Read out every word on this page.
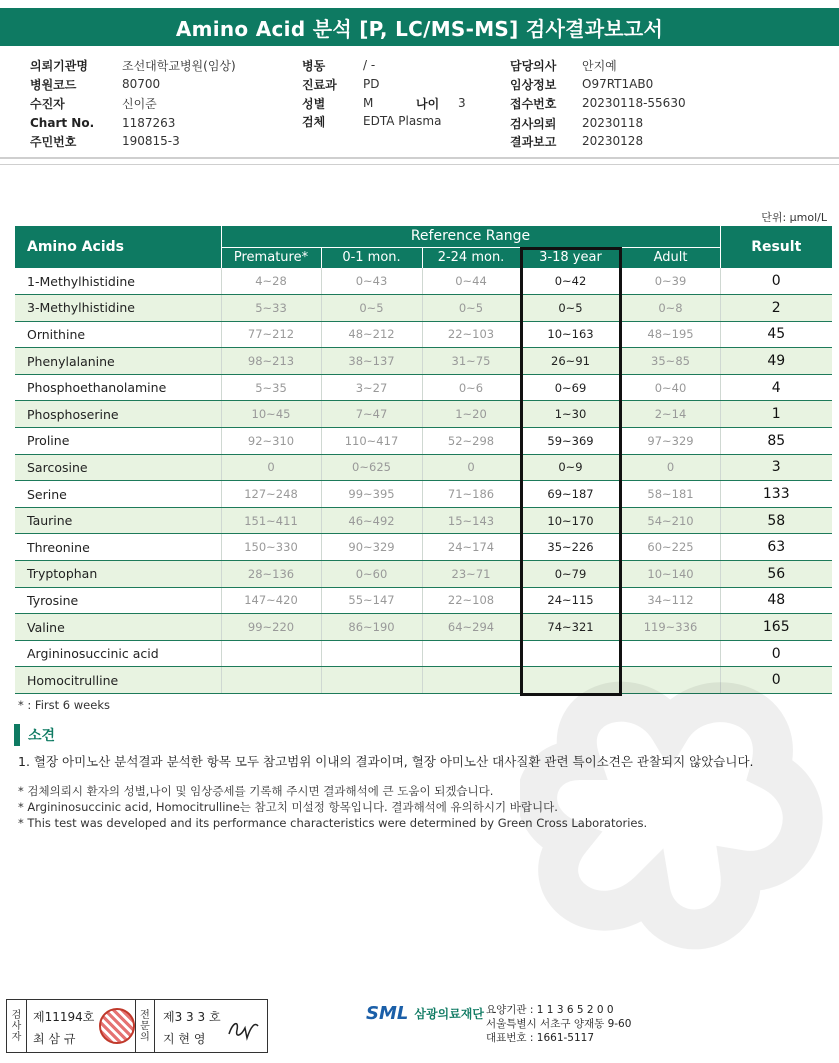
Amino Acid 분석 [P, LC/MS-MS] 검사결과보고서
의뢰기관명	조선대학교병원(임상)
병원코드	80700
수진자	신이준
Chart No.	1187263
주민번호	190815-3
병동	/ -
진료과	PD
성별	M	나이	3
검체	EDTA Plasma
담당의사	안지예
임상정보	O97RT1AB0
접수번호	20230118-55630
검사의뢰	20230118
결과보고	20230128
단위: μmol/L
Amino Acids	Reference Range					Result
	Premature*	0-1 mon.	2-24 mon.	3-18 year	Adult	
1-Methylhistidine	4~28	0~43	0~44	0~42	0~39	0
3-Methylhistidine	5~33	0~5	0~5	0~5	0~8	2
Ornithine	77~212	48~212	22~103	10~163	48~195	45
Phenylalanine	98~213	38~137	31~75	26~91	35~85	49
Phosphoethanolamine	5~35	3~27	0~6	0~69	0~40	4
Phosphoserine	10~45	7~47	1~20	1~30	2~14	1
Proline	92~310	110~417	52~298	59~369	97~329	85
Sarcosine	0	0~625	0	0~9	0	3
Serine	127~248	99~395	71~186	69~187	58~181	133
Taurine	151~411	46~492	15~143	10~170	54~210	58
Threonine	150~330	90~329	24~174	35~226	60~225	63
Tryptophan	28~136	0~60	23~71	0~79	10~140	56
Tyrosine	147~420	55~147	22~108	24~115	34~112	48
Valine	99~220	86~190	64~294	74~321	119~336	165
Argininosuccinic acid						0
Homocitrulline						0
* : First 6 weeks
소견
1. 혈장 아미노산 분석결과 분석한 항목 모두 참고범위 이내의 결과이며, 혈장 아미노산 대사질환 관련 특이소견은 관찰되지 않았습니다.
* 검체의뢰시 환자의 성별,나이 및 임상증세를 기록해 주시면 결과해석에 큰 도움이 되겠습니다.
* Argininosuccinic acid, Homocitrulline는 참고치 미설정 항목입니다. 결과해석에 유의하시기 바랍니다.
* This test was developed and its performance characteristics were determined by Green Cross Laboratories.
검사자
제11194호
최 삼 규
전문의
제3 3 3 호
지 현 영
SML 삼광의료재단 요양기관 : 1 1 3 6 5 2 0 0
서울특별시 서초구 양재동 9-60
대표번호 : 1661-5117
